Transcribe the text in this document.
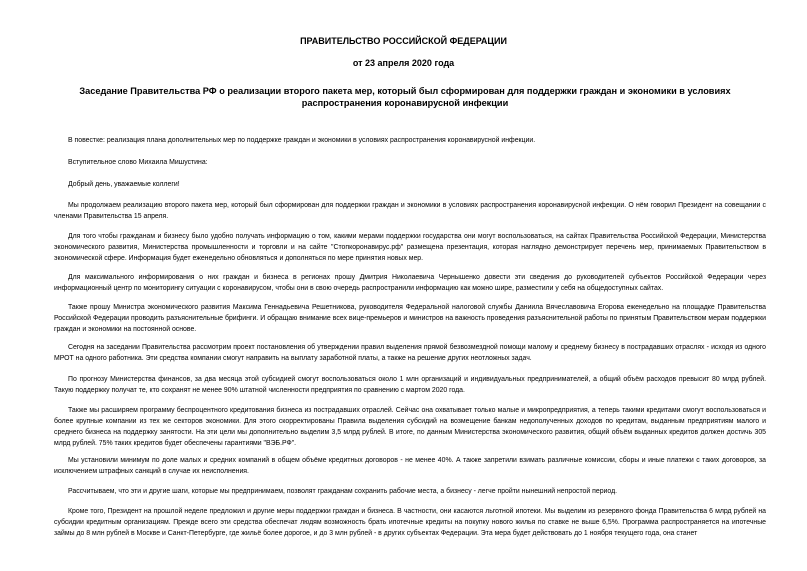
ПРАВИТЕЛЬСТВО РОССИЙСКОЙ ФЕДЕРАЦИИ
от 23 апреля 2020 года
Заседание Правительства РФ о реализации второго пакета мер, который был сформирован для поддержки граждан и экономики в условиях распространения коронавирусной инфекции

В повестке: реализация плана дополнительных мер по поддержке граждан и экономики в условиях распространения коронавирусной инфекции.

Вступительное слово Михаила Мишустина:

Добрый день, уважаемые коллеги!

Мы продолжаем реализацию второго пакета мер, который был сформирован для поддержки граждан и экономики в условиях распространения коронавирусной инфекции. О нём говорил Президент на совещании с членами Правительства 15 апреля.

Для того чтобы гражданам и бизнесу было удобно получать информацию о том, какими мерами поддержки государства они могут воспользоваться, на сайтах Правительства Российской Федерации, Министерства экономического развития, Министерства промышленности и торговли и на сайте "Стопкоронавирус.рф" размещена презентация, которая наглядно демонстрирует перечень мер, принимаемых Правительством в экономической сфере. Информация будет еженедельно обновляться и дополняться по мере принятия новых мер.

Для максимального информирования о них граждан и бизнеса в регионах прошу Дмитрия Николаевича Чернышенко довести эти сведения до руководителей субъектов Российской Федерации через информационный центр по мониторингу ситуации с коронавирусом, чтобы они в свою очередь распространили информацию как можно шире, разместили у себя на общедоступных сайтах.

Также прошу Министра экономического развития Максима Геннадьевича Решетникова, руководителя Федеральной налоговой службы Даниила Вячеславовича Егорова еженедельно на площадке Правительства Российской Федерации проводить разъяснительные брифинги. И обращаю внимание всех вице-премьеров и министров на важность проведения разъяснительной работы по принятым Правительством мерам поддержки граждан и экономики на постоянной основе.

Сегодня на заседании Правительства рассмотрим проект постановления об утверждении правил выделения прямой безвозмездной помощи малому и среднему бизнесу в пострадавших отраслях - исходя из одного МРОТ на одного работника. Эти средства компании смогут направить на выплату заработной платы, а также на решение других неотложных задач.

По прогнозу Министерства финансов, за два месяца этой субсидией смогут воспользоваться около 1 млн организаций и индивидуальных предпринимателей, а общий объём расходов превысит 80 млрд рублей. Такую поддержку получат те, кто сохранят не менее 90% штатной численности предприятия по сравнению с мартом 2020 года.

Также мы расширяем программу беспроцентного кредитования бизнеса из пострадавших отраслей. Сейчас она охватывает только малые и микропредприятия, а теперь такими кредитами смогут воспользоваться и более крупные компании из тех же секторов экономики. Для этого скорректированы Правила выделения субсидий на возмещение банкам недополученных доходов по кредитам, выданным предприятиям малого и среднего бизнеса на поддержку занятости. На эти цели мы дополнительно выделим 3,5 млрд рублей. В итоге, по данным Министерства экономического развития, общий объём выданных кредитов должен достичь 305 млрд рублей. 75% таких кредитов будет обеспечены гарантиями "ВЭБ.РФ".

Мы установили минимум по доле малых и средних компаний в общем объёме кредитных договоров - не менее 40%. А также запретили взимать различные комиссии, сборы и иные платежи с таких договоров, за исключением штрафных санкций в случае их неисполнения.

Рассчитываем, что эти и другие шаги, которые мы предпринимаем, позволят гражданам сохранить рабочие места, а бизнесу - легче пройти нынешний непростой период.

Кроме того, Президент на прошлой неделе предложил и другие меры поддержки граждан и бизнеса. В частности, они касаются льготной ипотеки. Мы выделим из резервного фонда Правительства 6 млрд рублей на субсидии кредитным организациям. Прежде всего эти средства обеспечат людям возможность брать ипотечные кредиты на покупку нового жилья по ставке не выше 6,5%. Программа распространяется на ипотечные займы до 8 млн рублей в Москве и Санкт-Петербурге, где жильё более дорогое, и до 3 млн рублей - в других субъектах Федерации. Эта мера будет действовать до 1 ноября текущего года, она станет
